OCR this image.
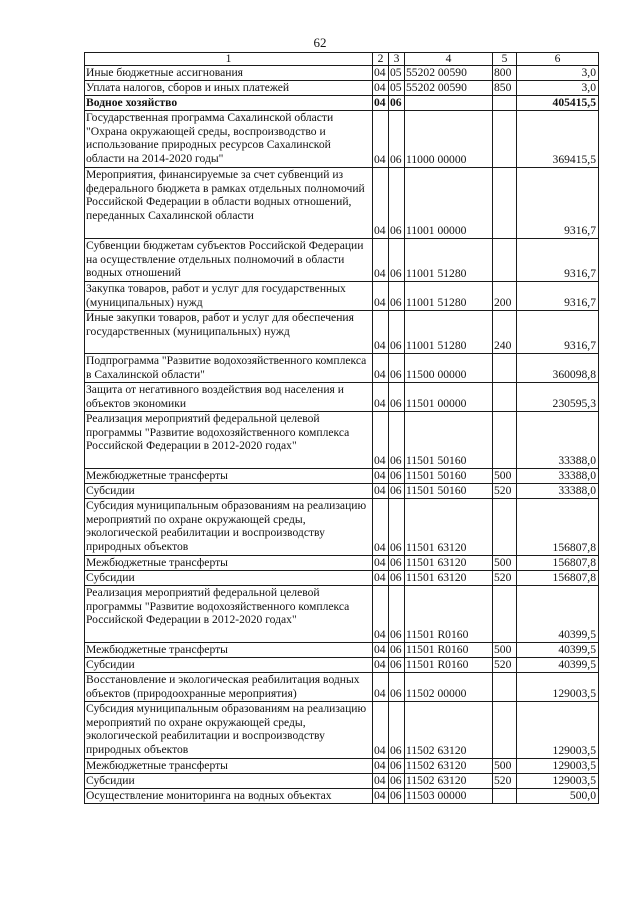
62
1	2	3	4	5	6
Иные бюджетные ассигнования	04	05	55202 00590	800	3,0
Уплата налогов, сборов и иных платежей	04	05	55202 00590	850	3,0
Водное хозяйство	04	06			405415,5
Государственная программа Сахалинской области "Охрана окружающей среды, воспроизводство и использование природных ресурсов Сахалинской области на 2014-2020 годы"	04	06	11000 00000		369415,5
Мероприятия, финансируемые за счет субвенций из федерального бюджета в рамках отдельных полномочий Российской Федерации в области водных отношений, переданных Сахалинской области	04	06	11001 00000		9316,7
Субвенции бюджетам субъектов Российской Федерации на осуществление отдельных полномочий в области водных отношений	04	06	11001 51280		9316,7
Закупка товаров, работ и услуг для государственных (муниципальных) нужд	04	06	11001 51280	200	9316,7
Иные закупки товаров, работ и услуг для обеспечения государственных (муниципальных) нужд	04	06	11001 51280	240	9316,7
Подпрограмма "Развитие водохозяйственного комплекса в Сахалинской области"	04	06	11500 00000		360098,8
Защита от негативного воздействия вод населения и объектов экономики	04	06	11501 00000		230595,3
Реализация мероприятий федеральной целевой программы "Развитие водохозяйственного комплекса Российской Федерации в 2012-2020 годах"	04	06	11501 50160		33388,0
Межбюджетные трансферты	04	06	11501 50160	500	33388,0
Субсидии	04	06	11501 50160	520	33388,0
Субсидия муниципальным образованиям на реализацию мероприятий по охране окружающей среды, экологической реабилитации и воспроизводству природных объектов	04	06	11501 63120		156807,8
Межбюджетные трансферты	04	06	11501 63120	500	156807,8
Субсидии	04	06	11501 63120	520	156807,8
Реализация мероприятий федеральной целевой программы "Развитие водохозяйственного комплекса Российской Федерации в 2012-2020 годах"	04	06	11501 R0160		40399,5
Межбюджетные трансферты	04	06	11501 R0160	500	40399,5
Субсидии	04	06	11501 R0160	520	40399,5
Восстановление и экологическая реабилитация водных объектов (природоохранные мероприятия)	04	06	11502 00000		129003,5
Субсидия муниципальным образованиям на реализацию мероприятий по охране окружающей среды, экологической реабилитации и воспроизводству природных объектов	04	06	11502 63120		129003,5
Межбюджетные трансферты	04	06	11502 63120	500	129003,5
Субсидии	04	06	11502 63120	520	129003,5
Осуществление мониторинга на водных объектах	04	06	11503 00000		500,0
